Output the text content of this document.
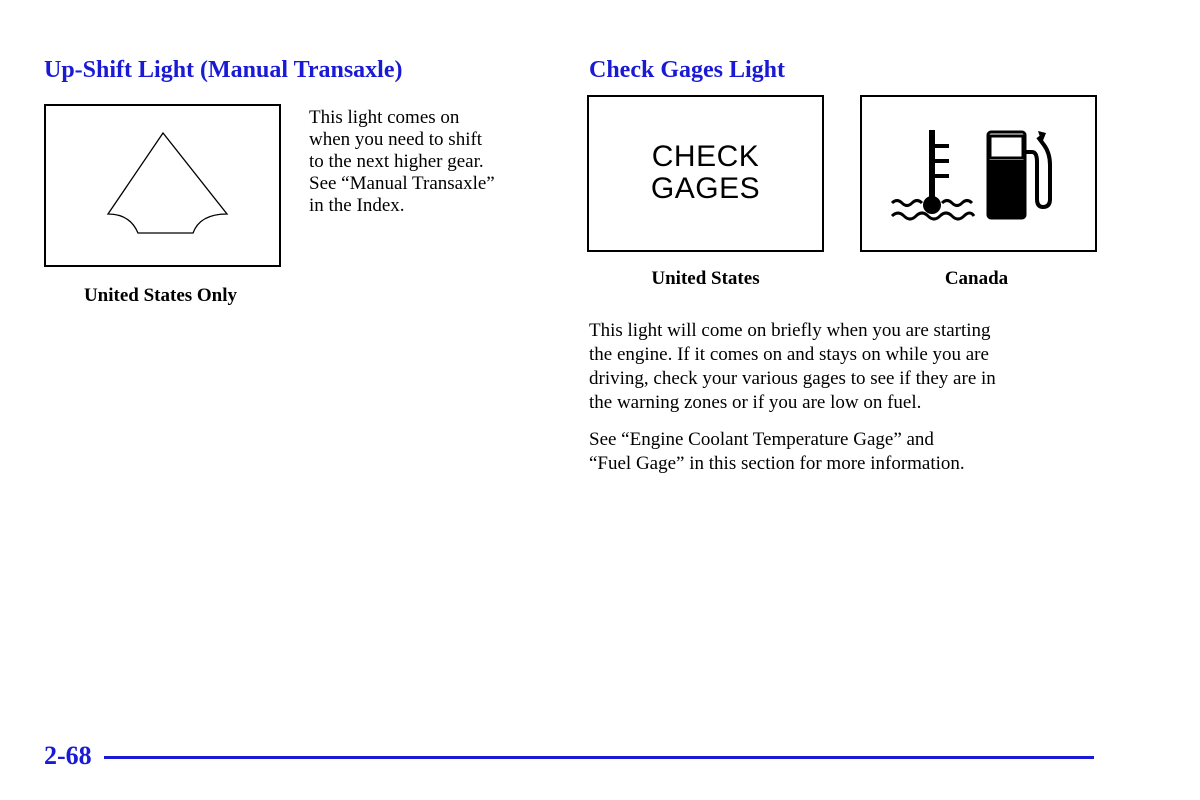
Up-Shift Light (Manual Transaxle)

United States Only

This light comes on
when you need to shift
to the next higher gear.
See “Manual Transaxle”
in the Index.

Check Gages Light
CHECK
GAGES

United States	Canada

This light will come on briefly when you are starting
the engine. If it comes on and stays on while you are
driving, check your various gages to see if they are in
the warning zones or if you are low on fuel.

See “Engine Coolant Temperature Gage” and
“Fuel Gage” in this section for more information.

2-68
